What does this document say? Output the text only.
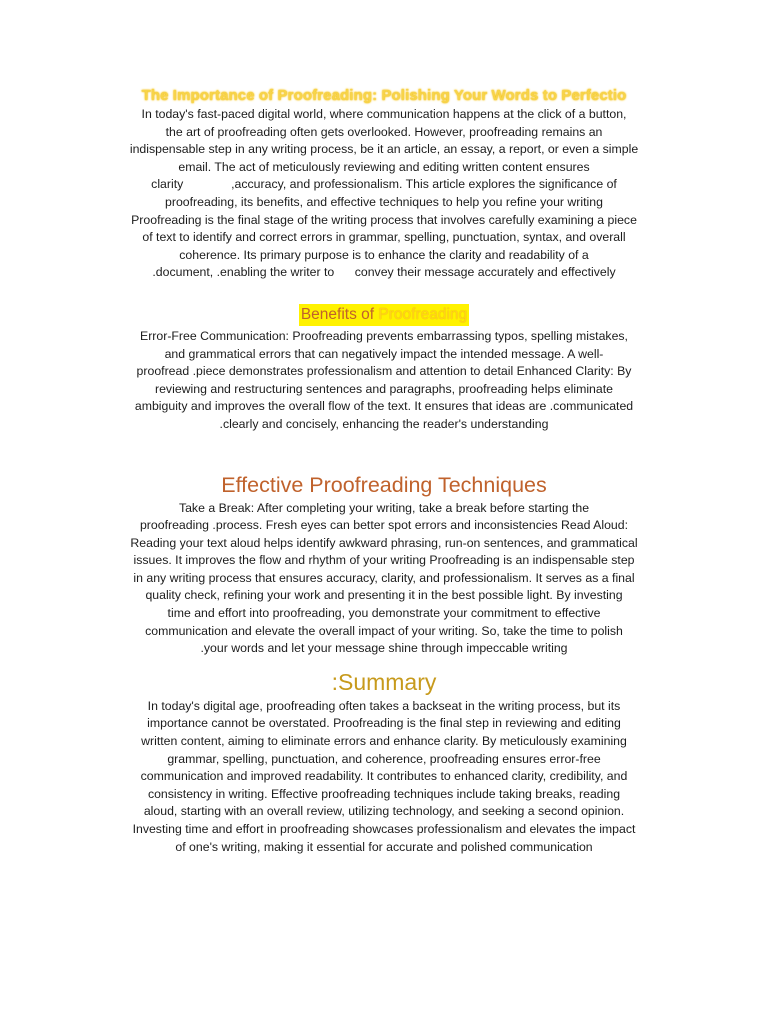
The Importance of Proofreading: Polishing Your Words to Perfectio

In today's fast-paced digital world, where communication happens at the click of a button,
the art of proofreading often gets overlooked. However, proofreading remains an
indispensable step in any writing process, be it an article, an essay, a report, or even a simple
email. The act of meticulously reviewing and editing written content ensures
clarity              ,accuracy, and professionalism. This article explores the significance of
proofreading, its benefits, and effective techniques to help you refine your writing
Proofreading is the final stage of the writing process that involves carefully examining a piece
of text to identify and correct errors in grammar, spelling, punctuation, syntax, and overall
coherence. Its primary purpose is to enhance the clarity and readability of a
.document, .enabling the writer to      convey their message accurately and effectively

Benefits of Proofreading

Error-Free Communication: Proofreading prevents embarrassing typos, spelling mistakes,
and grammatical errors that can negatively impact the intended message. A well-
proofread .piece demonstrates professionalism and attention to detail Enhanced Clarity: By
reviewing and restructuring sentences and paragraphs, proofreading helps eliminate
ambiguity and improves the overall flow of the text. It ensures that ideas are .communicated
.clearly and concisely, enhancing the reader's understanding

Effective Proofreading Techniques

Take a Break: After completing your writing, take a break before starting the
proofreading .process. Fresh eyes can better spot errors and inconsistencies Read Aloud:
Reading your text aloud helps identify awkward phrasing, run-on sentences, and grammatical
issues. It improves the flow and rhythm of your writing Proofreading is an indispensable step
in any writing process that ensures accuracy, clarity, and professionalism. It serves as a final
quality check, refining your work and presenting it in the best possible light. By investing
time and effort into proofreading, you demonstrate your commitment to effective
communication and elevate the overall impact of your writing. So, take the time to polish
.your words and let your message shine through impeccable writing

:Summary

In today's digital age, proofreading often takes a backseat in the writing process, but its
importance cannot be overstated. Proofreading is the final step in reviewing and editing
written content, aiming to eliminate errors and enhance clarity. By meticulously examining
grammar, spelling, punctuation, and coherence, proofreading ensures error-free
communication and improved readability. It contributes to enhanced clarity, credibility, and
consistency in writing. Effective proofreading techniques include taking breaks, reading
aloud, starting with an overall review, utilizing technology, and seeking a second opinion.
Investing time and effort in proofreading showcases professionalism and elevates the impact
of one's writing, making it essential for accurate and polished communication
